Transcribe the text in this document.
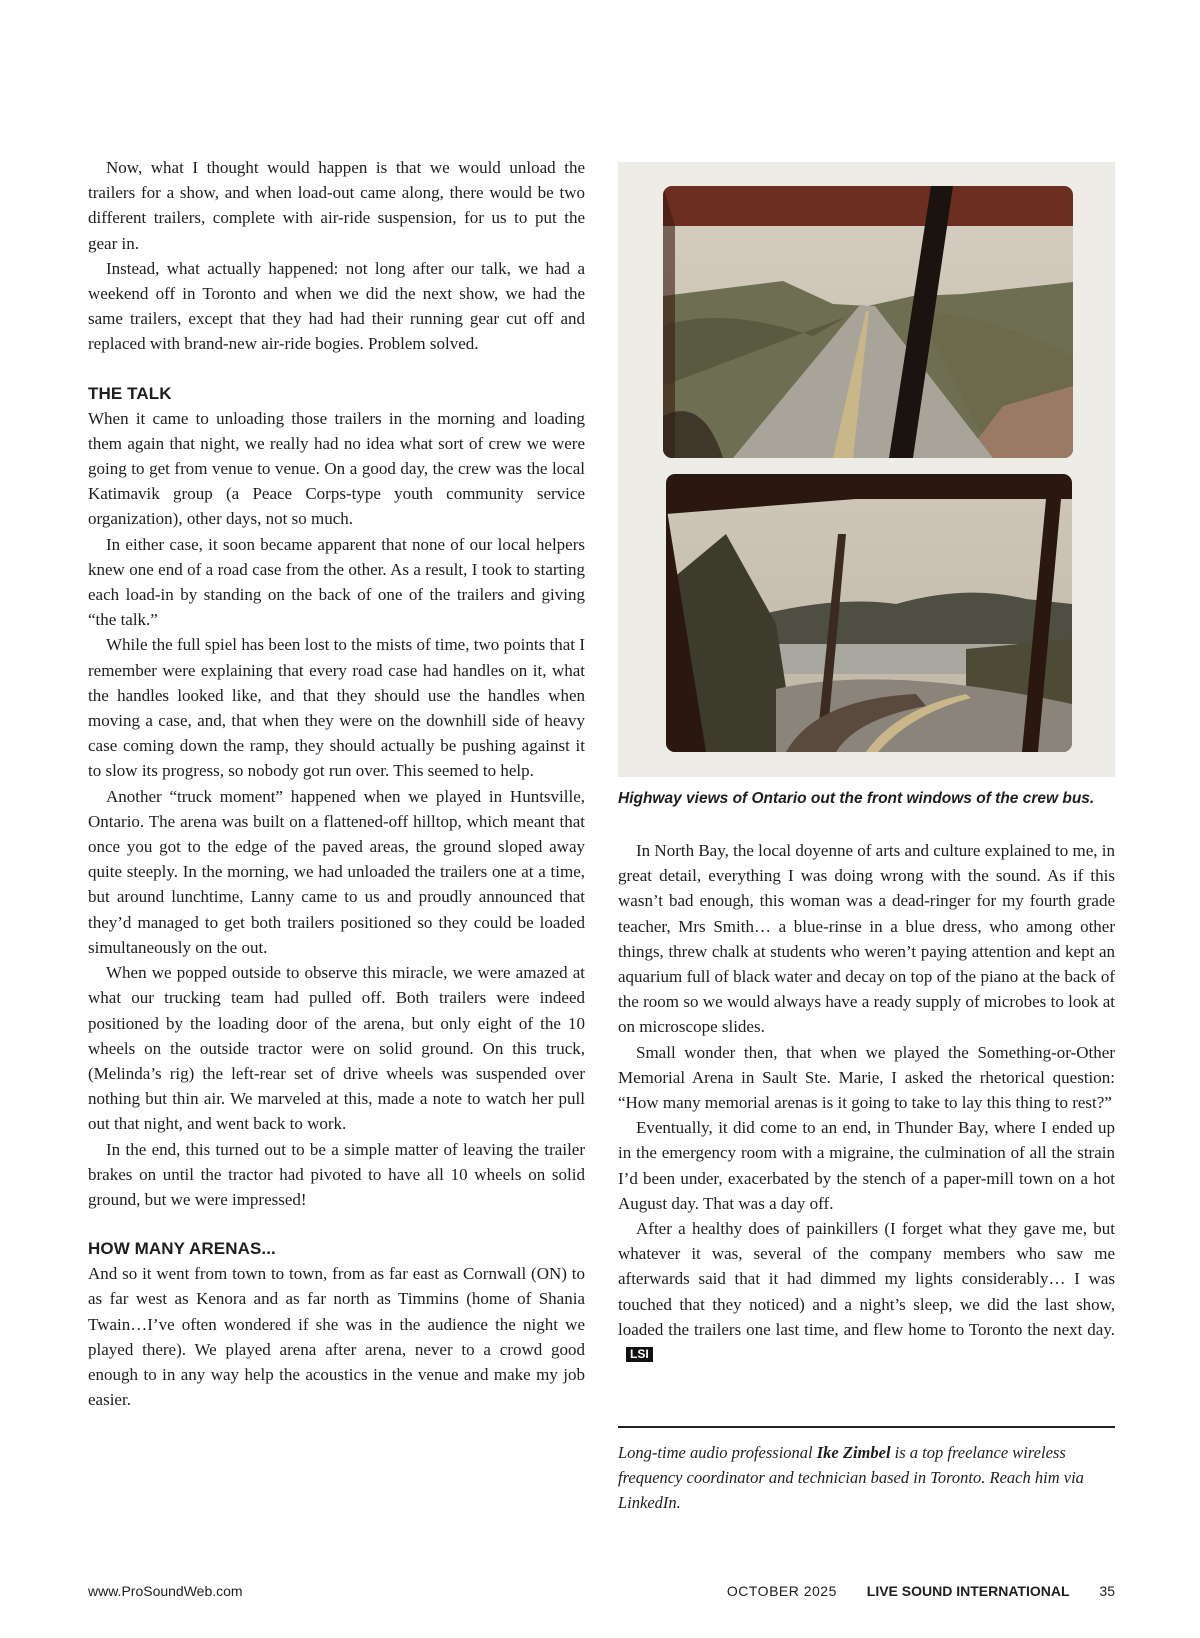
Now, what I thought would happen is that we would unload the trailers for a show, and when load-out came along, there would be two different trailers, complete with air-ride suspension, for us to put the gear in.

Instead, what actually happened: not long after our talk, we had a weekend off in Toronto and when we did the next show, we had the same trailers, except that they had had their running gear cut off and replaced with brand-new air-ride bogies. Problem solved.

THE TALK

When it came to unloading those trailers in the morning and loading them again that night, we really had no idea what sort of crew we were going to get from venue to venue. On a good day, the crew was the local Katimavik group (a Peace Corps-type youth community service organization), other days, not so much.

In either case, it soon became apparent that none of our local helpers knew one end of a road case from the other. As a result, I took to starting each load-in by standing on the back of one of the trailers and giving “the talk.”

While the full spiel has been lost to the mists of time, two points that I remember were explaining that every road case had handles on it, what the handles looked like, and that they should use the handles when moving a case, and, that when they were on the downhill side of heavy case coming down the ramp, they should actually be pushing against it to slow its progress, so nobody got run over. This seemed to help.

Another “truck moment” happened when we played in Huntsville, Ontario. The arena was built on a flattened-off hilltop, which meant that once you got to the edge of the paved areas, the ground sloped away quite steeply. In the morning, we had unloaded the trailers one at a time, but around lunchtime, Lanny came to us and proudly announced that they’d managed to get both trailers positioned so they could be loaded simultaneously on the out.

When we popped outside to observe this miracle, we were amazed at what our trucking team had pulled off. Both trailers were indeed positioned by the loading door of the arena, but only eight of the 10 wheels on the outside tractor were on solid ground. On this truck, (Melinda’s rig) the left-rear set of drive wheels was suspended over nothing but thin air. We marveled at this, made a note to watch her pull out that night, and went back to work.

In the end, this turned out to be a simple matter of leaving the trailer brakes on until the tractor had pivoted to have all 10 wheels on solid ground, but we were impressed!

HOW MANY ARENAS...

And so it went from town to town, from as far east as Cornwall (ON) to as far west as Kenora and as far north as Timmins (home of Shania Twain…I’ve often wondered if she was in the audience the night we played there). We played arena after arena, never to a crowd good enough to in any way help the acoustics in the venue and make my job easier.

Highway views of Ontario out the front windows of the crew bus.

In North Bay, the local doyenne of arts and culture explained to me, in great detail, everything I was doing wrong with the sound. As if this wasn’t bad enough, this woman was a dead-ringer for my fourth grade teacher, Mrs Smith… a blue-rinse in a blue dress, who among other things, threw chalk at students who weren’t paying attention and kept an aquarium full of black water and decay on top of the piano at the back of the room so we would always have a ready supply of microbes to look at on microscope slides.

Small wonder then, that when we played the Something-or-Other Memorial Arena in Sault Ste. Marie, I asked the rhetorical question: “How many memorial arenas is it going to take to lay this thing to rest?”

Eventually, it did come to an end, in Thunder Bay, where I ended up in the emergency room with a migraine, the culmination of all the strain I’d been under, exacerbated by the stench of a paper-mill town on a hot August day. That was a day off.

After a healthy does of painkillers (I forget what they gave me, but whatever it was, several of the company members who saw me afterwards said that it had dimmed my lights considerably… I was touched that they noticed) and a night’s sleep, we did the last show, loaded the trailers one last time, and flew home to Toronto the next day.LSI

Long-time audio professional Ike Zimbel is a top freelance wireless frequency coordinator and technician based in Toronto. Reach him via LinkedIn.
www.ProSoundWeb.com	OCTOBER 2025 LIVE SOUND INTERNATIONAL 35
